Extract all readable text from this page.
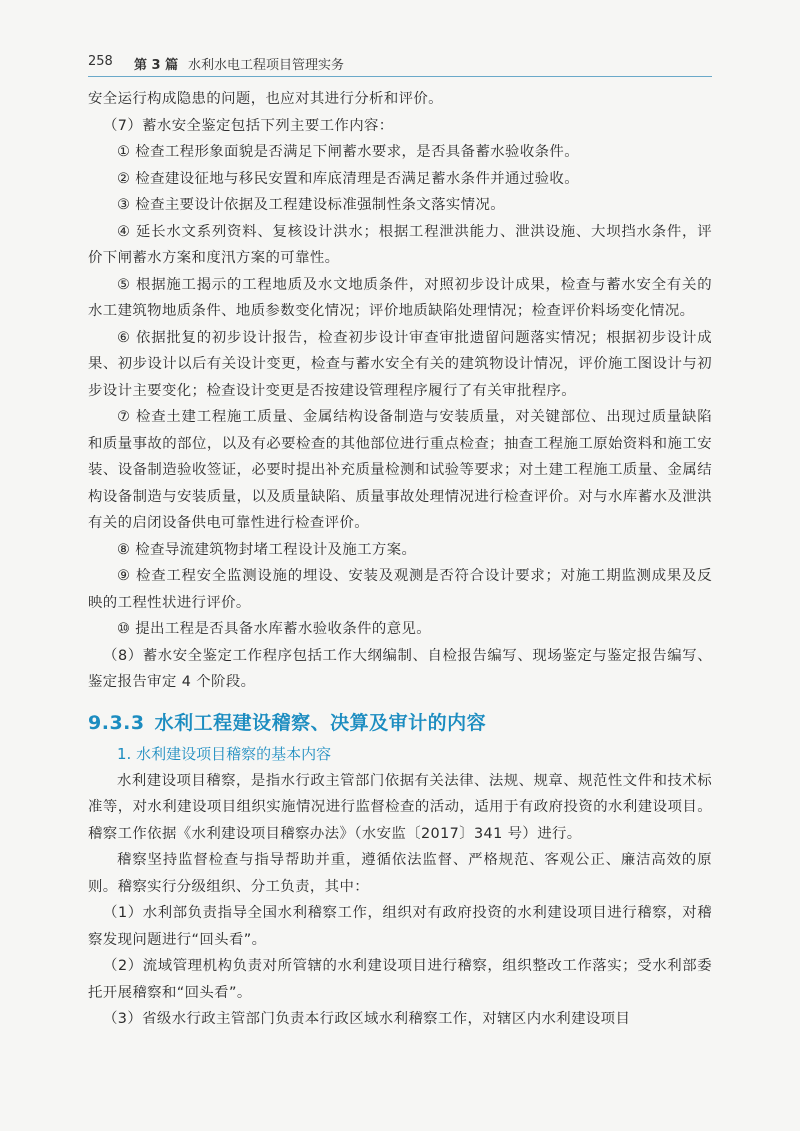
258 第 3 篇 水利水电工程项目管理实务

安全运行构成隐患的问题，也应对其进行分析和评价。

（7）蓄水安全鉴定包括下列主要工作内容：

① 检查工程形象面貌是否满足下闸蓄水要求，是否具备蓄水验收条件。

② 检查建设征地与移民安置和库底清理是否满足蓄水条件并通过验收。

③ 检查主要设计依据及工程建设标准强制性条文落实情况。

④ 延长水文系列资料、复核设计洪水；根据工程泄洪能力、泄洪设施、大坝挡水条件，评价下闸蓄水方案和度汛方案的可靠性。

⑤ 根据施工揭示的工程地质及水文地质条件，对照初步设计成果，检查与蓄水安全有关的水工建筑物地质条件、地质参数变化情况；评价地质缺陷处理情况；检查评价料场变化情况。

⑥ 依据批复的初步设计报告，检查初步设计审查审批遗留问题落实情况；根据初步设计成果、初步设计以后有关设计变更，检查与蓄水安全有关的建筑物设计情况，评价施工图设计与初步设计主要变化；检查设计变更是否按建设管理程序履行了有关审批程序。

⑦ 检查土建工程施工质量、金属结构设备制造与安装质量，对关键部位、出现过质量缺陷和质量事故的部位，以及有必要检查的其他部位进行重点检查；抽查工程施工原始资料和施工安装、设备制造验收签证，必要时提出补充质量检测和试验等要求；对土建工程施工质量、金属结构设备制造与安装质量，以及质量缺陷、质量事故处理情况进行检查评价。对与水库蓄水及泄洪有关的启闭设备供电可靠性进行检查评价。

⑧ 检查导流建筑物封堵工程设计及施工方案。

⑨ 检查工程安全监测设施的埋设、安装及观测是否符合设计要求；对施工期监测成果及反映的工程性状进行评价。

⑩ 提出工程是否具备水库蓄水验收条件的意见。

（8）蓄水安全鉴定工作程序包括工作大纲编制、自检报告编写、现场鉴定与鉴定报告编写、鉴定报告审定 4 个阶段。

9.3.3 水利工程建设稽察、决算及审计的内容
1. 水利建设项目稽察的基本内容

水利建设项目稽察，是指水行政主管部门依据有关法律、法规、规章、规范性文件和技术标准等，对水利建设项目组织实施情况进行监督检查的活动，适用于有政府投资的水利建设项目。稽察工作依据《水利建设项目稽察办法》（水安监〔2017〕341 号）进行。

稽察坚持监督检查与指导帮助并重，遵循依法监督、严格规范、客观公正、廉洁高效的原则。稽察实行分级组织、分工负责，其中：

（1）水利部负责指导全国水利稽察工作，组织对有政府投资的水利建设项目进行稽察，对稽察发现问题进行“回头看”。

（2）流域管理机构负责对所管辖的水利建设项目进行稽察，组织整改工作落实；受水利部委托开展稽察和“回头看”。

（3）省级水行政主管部门负责本行政区域水利稽察工作，对辖区内水利建设项目
